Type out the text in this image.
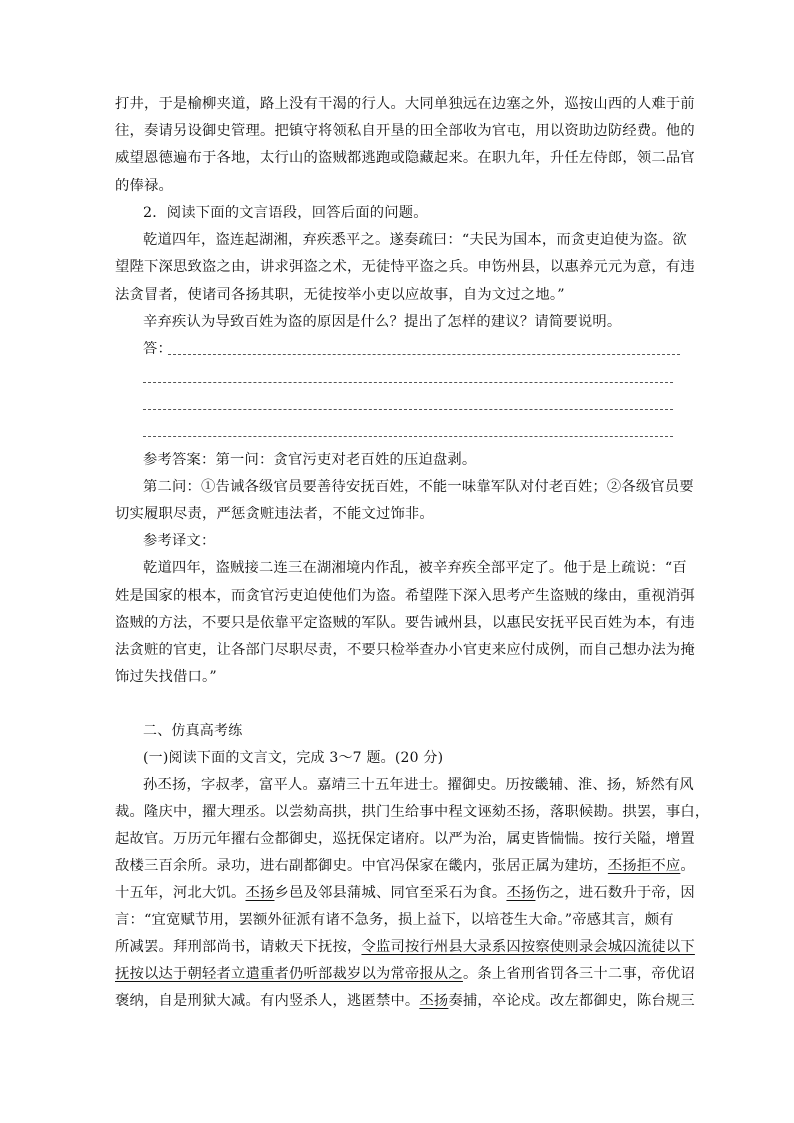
打井，于是榆柳夹道，路上没有干渴的行人。大同单独远在边塞之外，巡按山西的人难于前
往，奏请另设御史管理。把镇守将领私自开垦的田全部收为官屯，用以资助边防经费。他的
威望恩德遍布于各地，太行山的盗贼都逃跑或隐藏起来。在职九年，升任左侍郎，领二品官
的俸禄。
2．阅读下面的文言语段，回答后面的问题。
乾道四年，盗连起湖湘，弃疾悉平之。遂奏疏曰：“夫民为国本，而贪吏迫使为盗。欲
望陛下深思致盗之由，讲求弭盗之术，无徒恃平盗之兵。申饬州县，以惠养元元为意，有违
法贪冒者，使诸司各扬其职，无徒按举小吏以应故事，自为文过之地。”
辛弃疾认为导致百姓为盗的原因是什么？提出了怎样的建议？请简要说明。
答：
参考答案：第一问：贪官污吏对老百姓的压迫盘剥。
第二问：①告诫各级官员要善待安抚百姓，不能一味靠军队对付老百姓；②各级官员要
切实履职尽责，严惩贪赃违法者，不能文过饰非。
参考译文：
乾道四年，盗贼接二连三在湖湘境内作乱，被辛弃疾全部平定了。他于是上疏说：“百
姓是国家的根本，而贪官污吏迫使他们为盗。希望陛下深入思考产生盗贼的缘由，重视消弭
盗贼的方法，不要只是依靠平定盗贼的军队。要告诫州县，以惠民安抚平民百姓为本，有违
法贪赃的官吏，让各部门尽职尽责，不要只检举查办小官吏来应付成例，而自己想办法为掩
饰过失找借口。”
二、仿真高考练
(一)阅读下面的文言文，完成 3～7 题。(20 分)
孙丕扬，字叔孝，富平人。嘉靖三十五年进士。擢御史。历按畿辅、淮、扬，矫然有风
裁。隆庆中，擢大理丞。以尝劾高拱，拱门生给事中程文诬劾丕扬，落职候勘。拱罢，事白，
起故官。万历元年擢右佥都御史，巡抚保定诸府。以严为治，属吏皆惴惴。按行关隘，增置
敌楼三百余所。录功，进右副都御史。中官冯保家在畿内，张居正属为建坊，丕扬拒不应。
十五年，河北大饥。丕扬乡邑及邻县蒲城、同官至采石为食。丕扬伤之，进石数升于帝，因
言：“宜宽赋节用，罢额外征派有诸不急务，损上益下，以培苍生大命。”帝感其言，颇有
所减罢。拜刑部尚书，请敕天下抚按，令监司按行州县大录系囚按察使则录会城囚流徒以下
抚按以达于朝轻者立遣重者仍听部裁岁以为常帝报从之。条上省刑省罚各三十二事，帝优诏
褒纳，自是刑狱大减。有内竖杀人，逃匿禁中。丕扬奏捕，卒论戍。改左都御史，陈台规三
